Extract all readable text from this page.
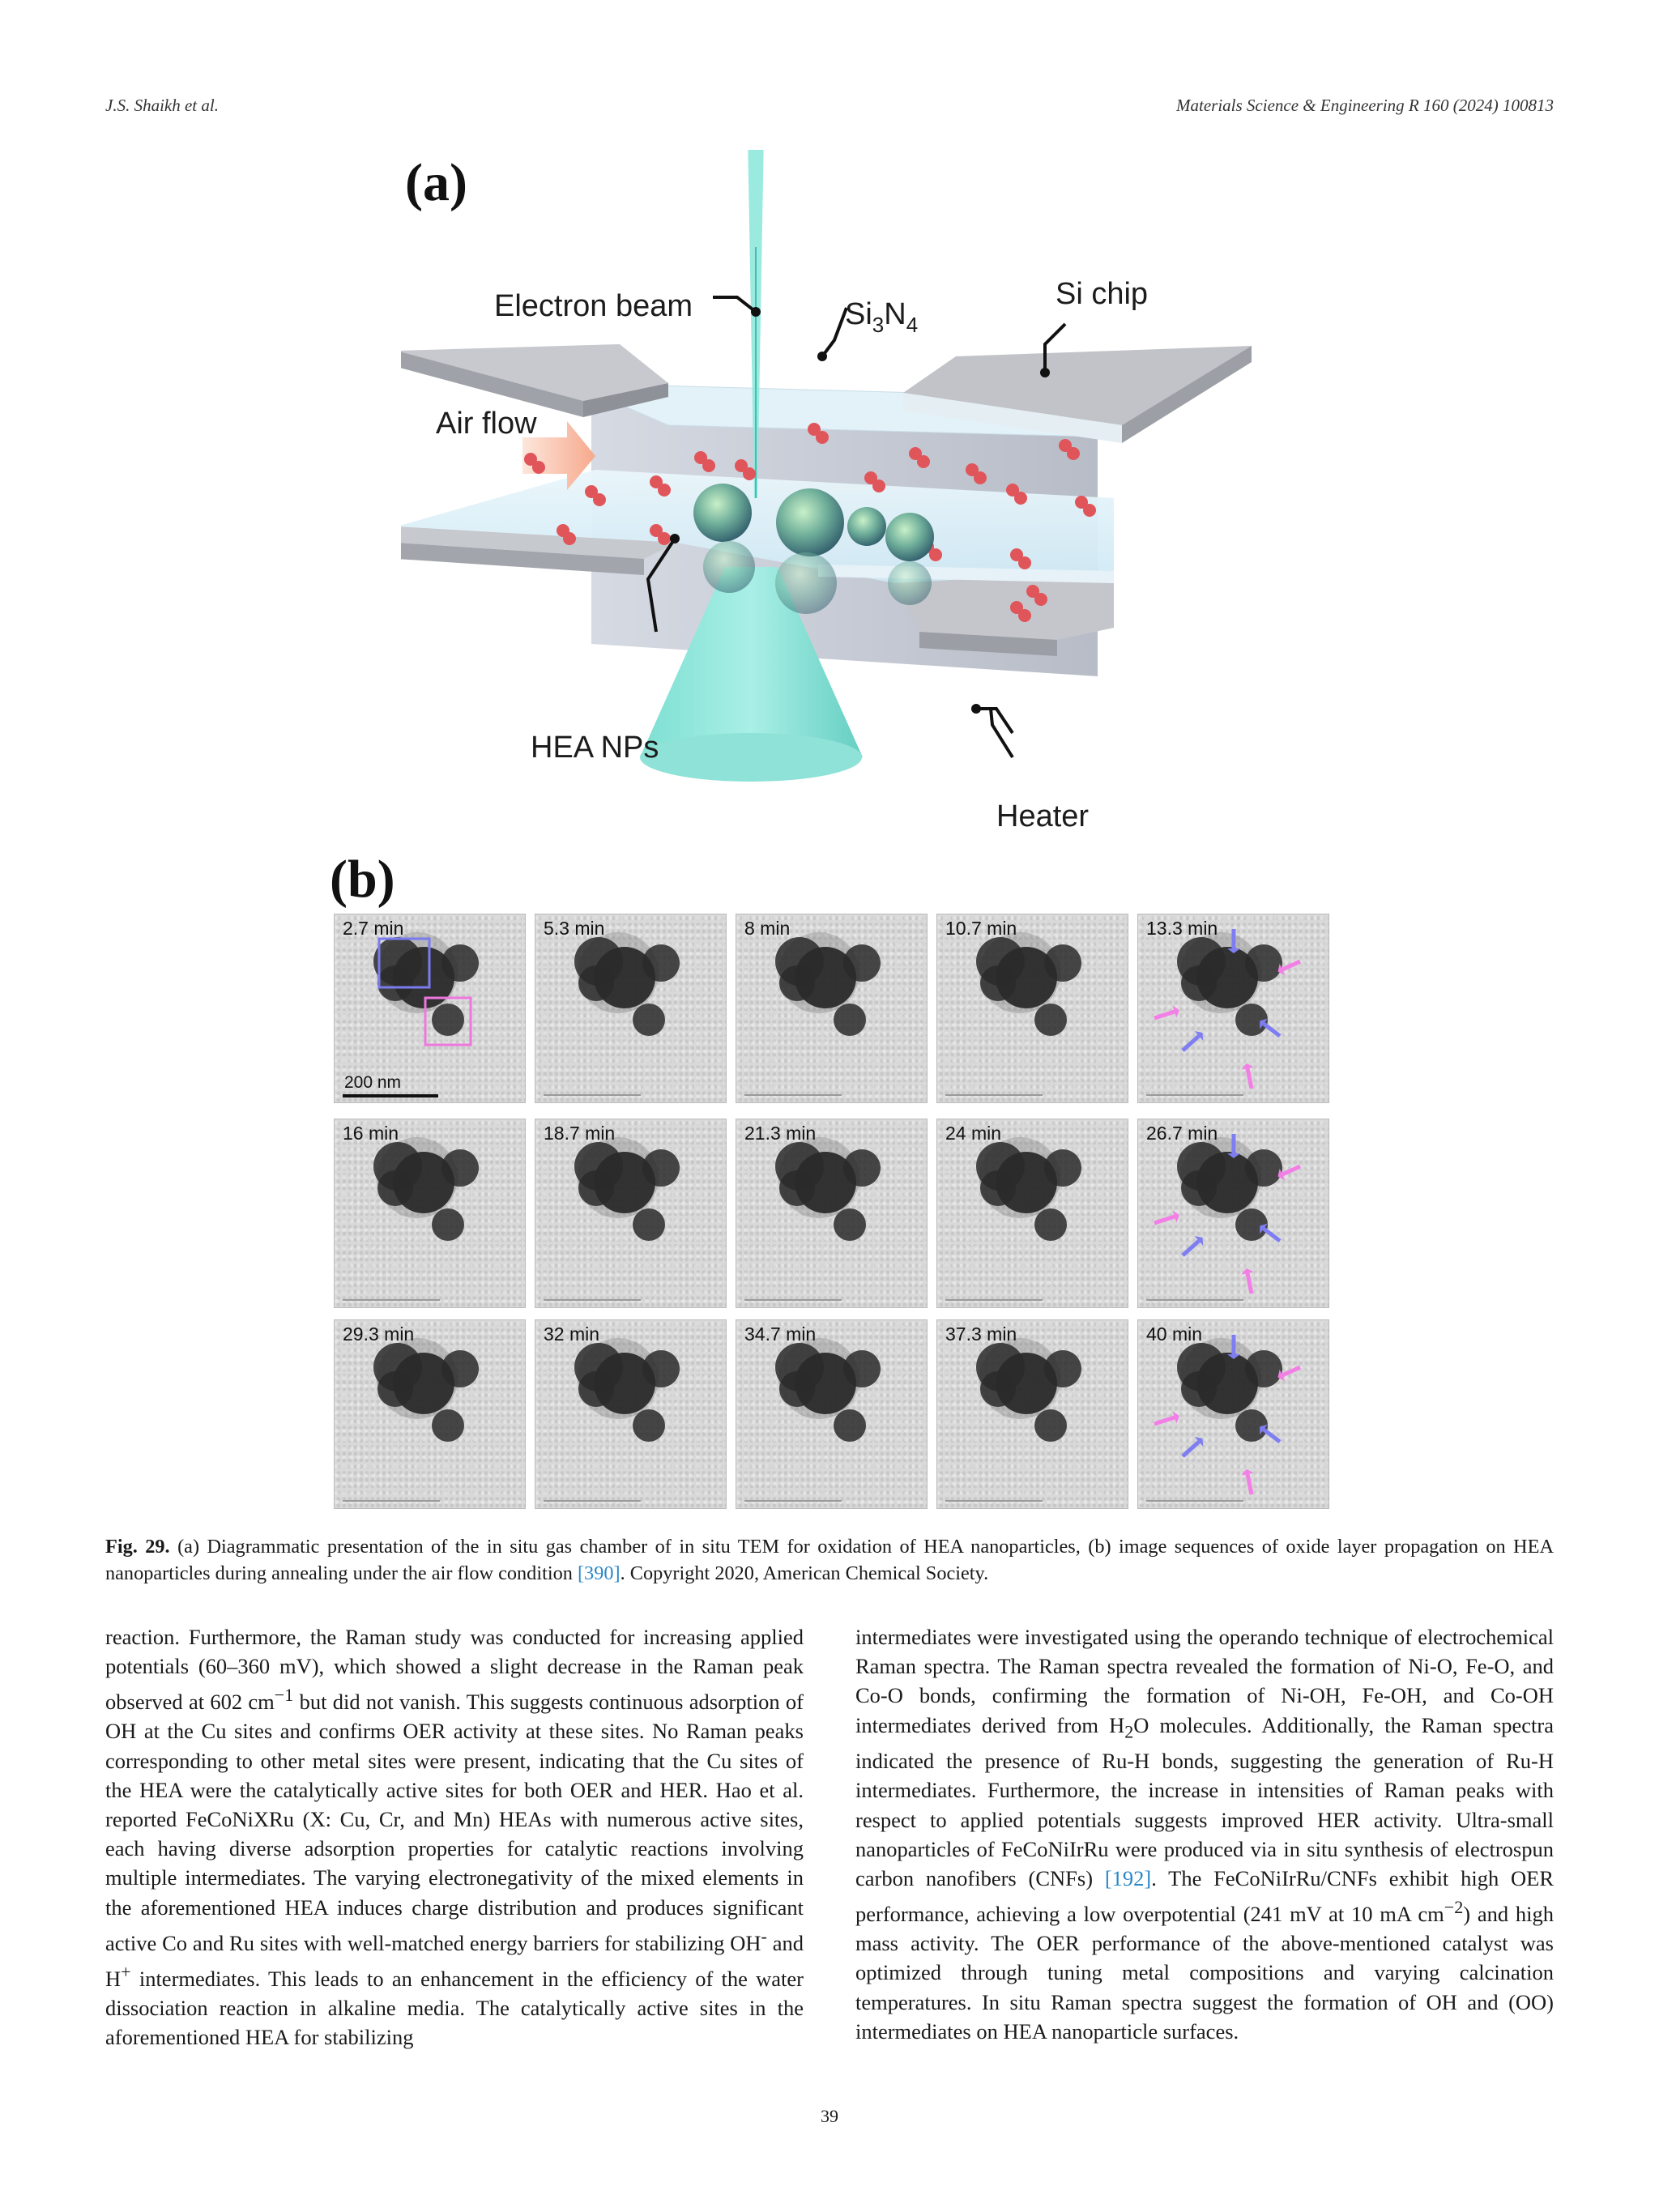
J.S. Shaikh et al.	Materials Science & Engineering R 160 (2024) 100813
(a)
(b)
Electron beam	$Si_3N_4$
Si chip
Air flow
HEA NPs
Heater
2.7 min
200 nm
5.3 min	8 min	10.7 min	13.3 min
16 min	18.7 min	21.3 min	24 min	26.7 min
29.3 min	32 min	34.7 min	37.3 min	40 min
Fig. 29. (a) Diagrammatic presentation of the in situ gas chamber of in situ TEM for oxidation of HEA nanoparticles, (b) image sequences of oxide layer propagation on HEA nanoparticles during annealing under the air flow condition [390]. Copyright 2020, American Chemical Society.

reaction. Furthermore, the Raman study was conducted for increasing applied potentials (60–360 mV), which showed a slight decrease in the Raman peak observed at 602 $cm^{-1}$ but did not vanish. This suggests continuous adsorption of OH at the Cu sites and confirms OER activity at these sites. No Raman peaks corresponding to other metal sites were present, indicating that the Cu sites of the HEA were the catalytically active sites for both OER and HER. Hao et al. reported FeCoNiXRu (X: Cu, Cr, and Mn) HEAs with numerous active sites, each having diverse adsorption properties for catalytic reactions involving multiple intermediates. The varying electronegativity of the mixed elements in the aforementioned HEA induces charge distribution and produces significant active Co and Ru sites with well-matched energy barriers for stabilizing OH- and H+ intermediates. This leads to an enhancement in the efficiency of the water dissociation reaction in alkaline media. The catalytically active sites in the aforementioned HEA for stabilizing

intermediates were investigated using the operando technique of electrochemical Raman spectra. The Raman spectra revealed the formation of Ni-O, Fe-O, and Co-O bonds, confirming the formation of Ni-OH, Fe-OH, and Co-OH intermediates derived from $H_2O$ molecules. Additionally, the Raman spectra indicated the presence of Ru-H bonds, suggesting the generation of Ru-H intermediates. Furthermore, the increase in intensities of Raman peaks with respect to applied potentials suggests improved HER activity. Ultra-small nanoparticles of FeCoNiIrRu were produced via in situ synthesis of electrospun carbon nanofibers (CNFs) [192]. The FeCoNiIrRu/CNFs exhibit high OER performance, achieving a low overpotential (241 mV at 10 mA $cm^{-2}$) and high mass activity. The OER performance of the above-mentioned catalyst was optimized through tuning metal compositions and varying calcination temperatures. In situ Raman spectra suggest the formation of OH and (OO) intermediates on HEA nanoparticle surfaces.

39
